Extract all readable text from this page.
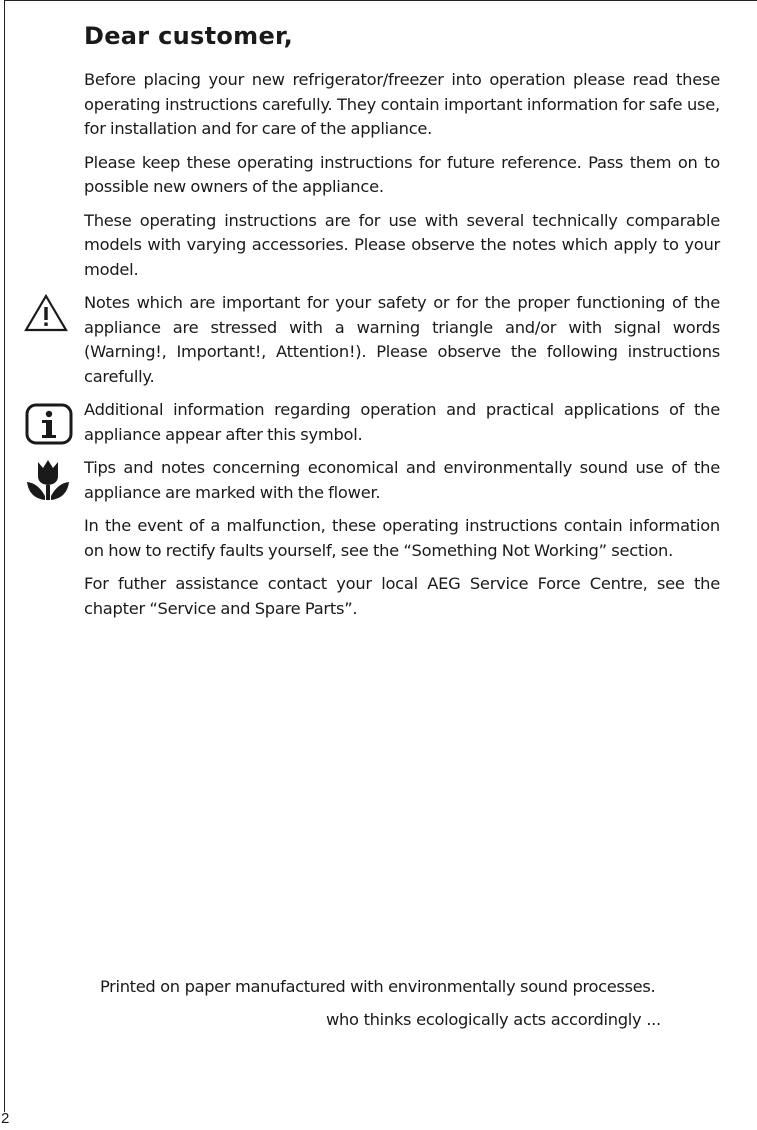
Dear customer,

Before placing your new refrigerator/freezer into operation please read these operating instructions carefully. They contain important information for safe use, for installation and for care of the appliance.

Please keep these operating instructions for future reference. Pass them on to possible new owners of the appliance.

These operating instructions are for use with several technically comparable models with varying accessories. Please observe the notes which apply to your model.

Notes which are important for your safety or for the proper functioning of the appliance are stressed with a warning triangle and/or with signal words (Warning!, Important!, Attention!). Please observe the following instructions carefully.
Additional information regarding operation and practical applications of the appliance appear after this symbol.
Tips and notes concerning economical and environmentally sound use of the appliance are marked with the flower.

In the event of a malfunction, these operating instructions contain information on how to rectify faults yourself, see the “Something Not Working” section.

For futher assistance contact your local AEG Service Force Centre, see the chapter “Service and Spare Parts”.

Printed on paper manufactured with environmentally sound processes.
who thinks ecologically acts accordingly ...
2
